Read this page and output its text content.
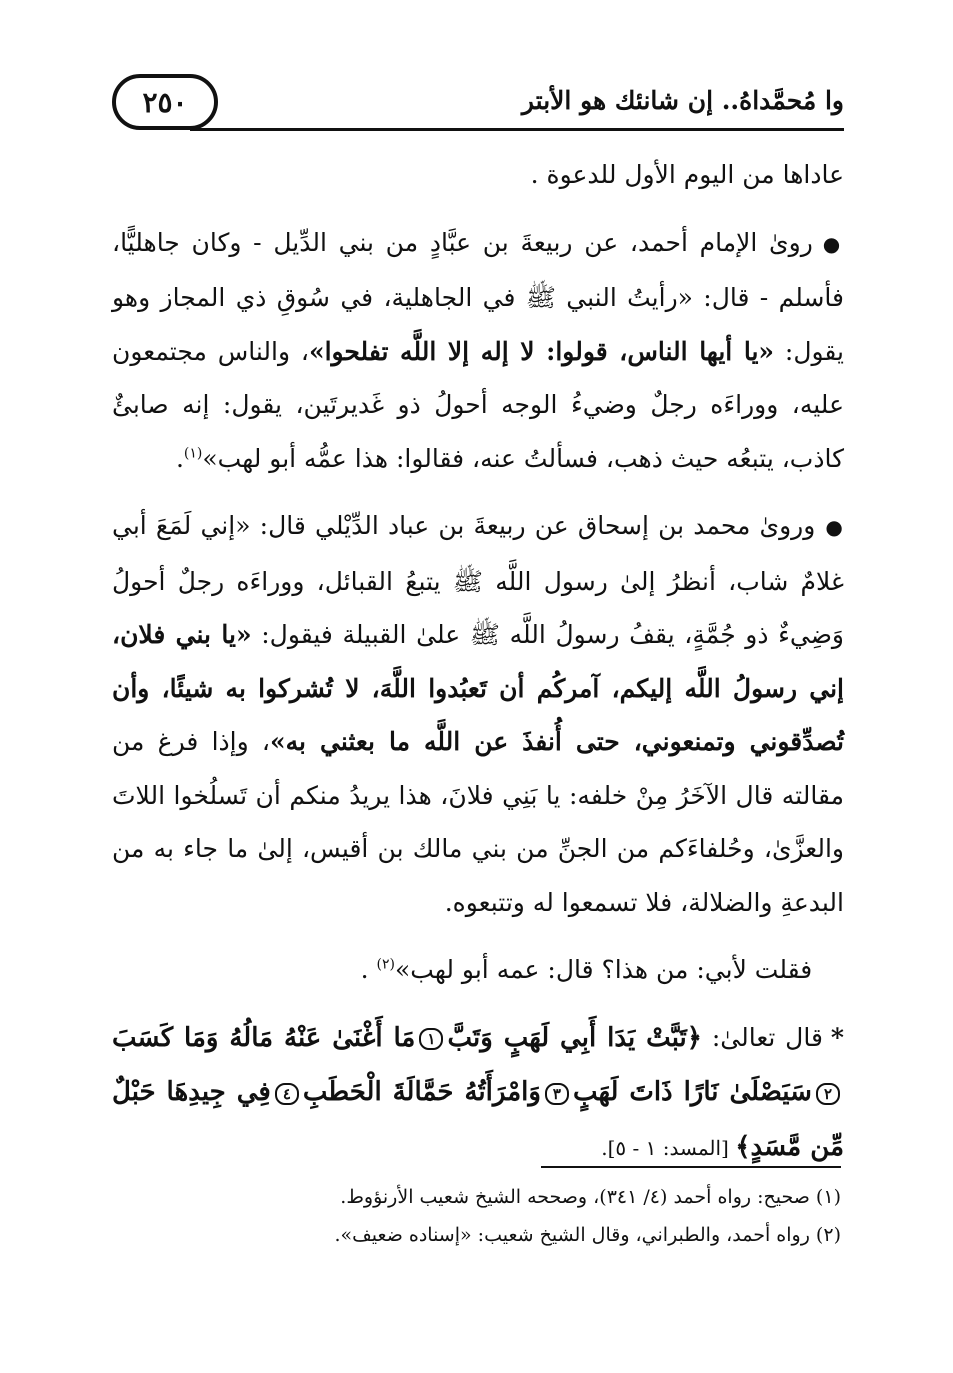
وا مُحمَّداهُ.. إن شانئك هو الأبتر
٢٥٠

عاداها من اليوم الأول للدعوة .

●روىٰ الإمام أحمد، عن ربيعةَ بن عبَّادٍ من بني الدِّيل - وكان جاهليًّا، فأسلم - قال: «رأيتُ النبي ﷺ في الجاهلية، في سُوقِ ذي المجاز وهو يقول: «يا أيها الناس، قولوا: لا إله إلا اللَّه تفلحوا»، والناس مجتمعون عليه، ووراءَه رجلٌ وضيءُ الوجه أحولُ ذو غَديرتَين، يقول: إنه صابئٌ كاذب، يتبعُه حيث ذهب، فسألتُ عنه، فقالوا: هذا عمُّه أبو لهب»$^{(١)}$.

●وروىٰ محمد بن إسحاق عن ربيعةَ بن عباد الدِّيْلي قال: «إني لَمَعَ أبي غلامٌ شاب، أنظرُ إلىٰ رسول اللَّه ﷺ يتبعُ القبائل، ووراءَه رجلٌ أحولُ وَضِيءٌ ذو جُمَّةٍ، يقفُ رسولُ اللَّه ﷺ علىٰ القبيلة فيقول: «يا بني فلان، إني رسولُ اللَّه إليكم، آمركُم أن تَعبُدوا اللَّهَ، لا تُشركوا به شيئًا، وأن تُصدِّقوني وتمنعوني، حتى أُنفذَ عن اللَّه ما بعثني به»، وإذا فرغ من مقالته قال الآخَرُ مِنْ خلفه: يا بَنِي فلانَ، هذا يريدُ منكم أن تَسلُخوا اللاتَ والعزَّىٰ، وحُلفاءَكم من الجنِّ من بني مالك بن أقيس، إلىٰ ما جاء به من البدعةِ والضلالة، فلا تسمعوا له وتتبعوه.

فقلت لأبي: من هذا؟ قال: عمه أبو لهب»$^{(٢)}$ .

*قال تعالىٰ: ﴿تَبَّتْ يَدَا أَبِي لَهَبٍ وَتَبَّ١مَا أَغْنَىٰ عَنْهُ مَالُهُ وَمَا كَسَبَ٢سَيَصْلَىٰ نَارًا ذَاتَ لَهَبٍ٣وَامْرَأَتُهُ حَمَّالَةَ الْحَطَبِ٤فِي جِيدِهَا حَبْلٌ مِّن مَّسَدٍ﴾ [المسد: ١ - ٥].

(١) صحيح: رواه أحمد (٤/ ٣٤١)، وصححه الشيخ شعيب الأرنؤوط.

(٢) رواه أحمد، والطبراني، وقال الشيخ شعيب: «إسناده ضعيف».
